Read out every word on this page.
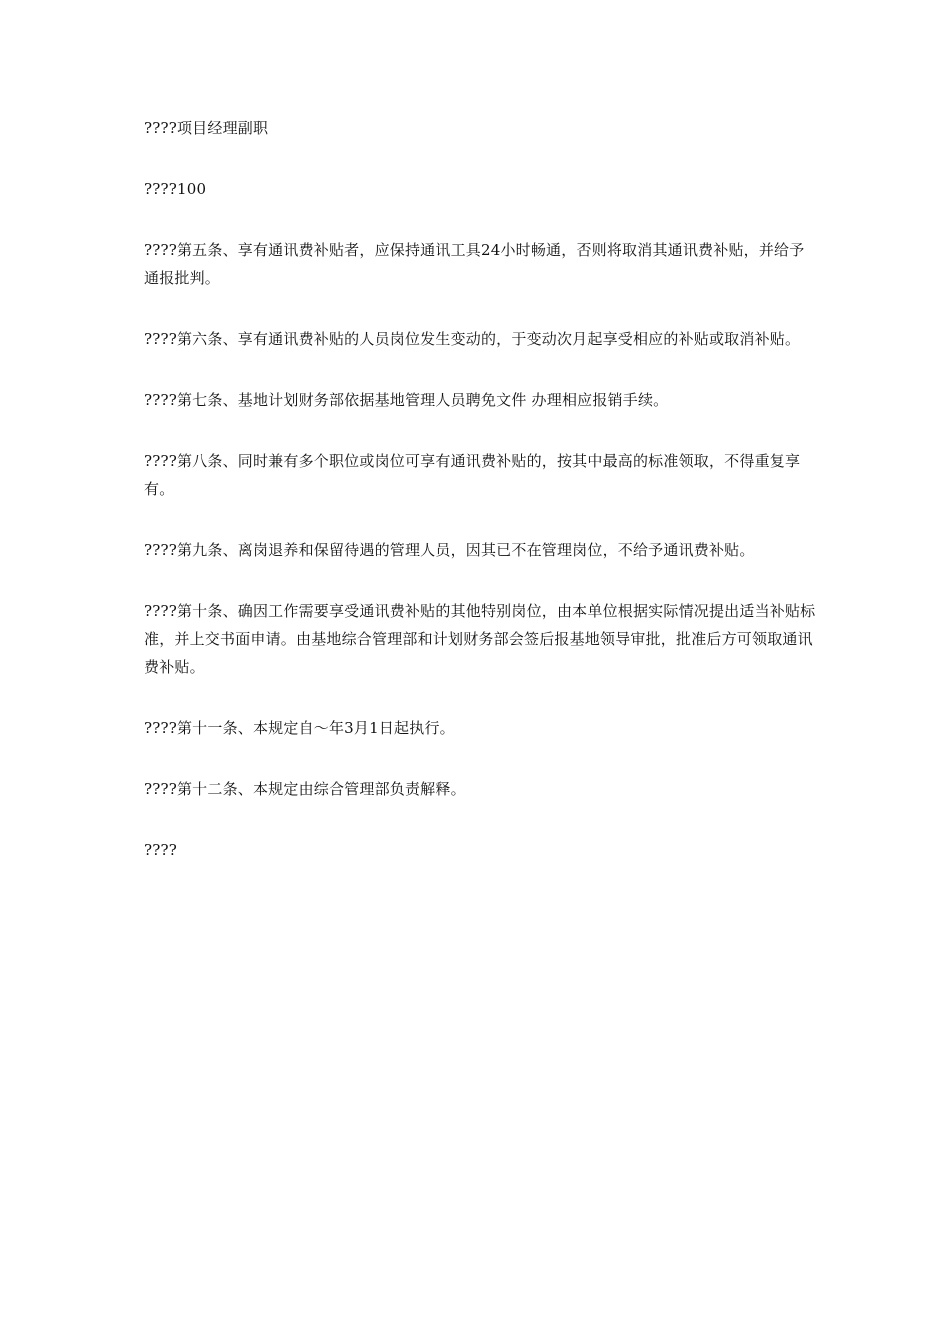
????项目经理副职

????100

????第五条、享有通讯费补贴者，应保持通讯工具24小时畅通，否则将取消其通讯费补贴，并给予通报批判。

????第六条、享有通讯费补贴的人员岗位发生变动的，于变动次月起享受相应的补贴或取消补贴。

????第七条、基地计划财务部依据基地管理人员聘免文件 办理相应报销手续。

????第八条、同时兼有多个职位或岗位可享有通讯费补贴的，按其中最高的标准领取，不得重复享有。

????第九条、离岗退养和保留待遇的管理人员，因其已不在管理岗位，不给予通讯费补贴。

????第十条、确因工作需要享受通讯费补贴的其他特别岗位，由本单位根据实际情况提出适当补贴标准，并上交书面申请。由基地综合管理部和计划财务部会签后报基地领导审批，批准后方可领取通讯费补贴。

????第十一条、本规定自～年3月1日起执行。

????第十二条、本规定由综合管理部负责解释。

????
